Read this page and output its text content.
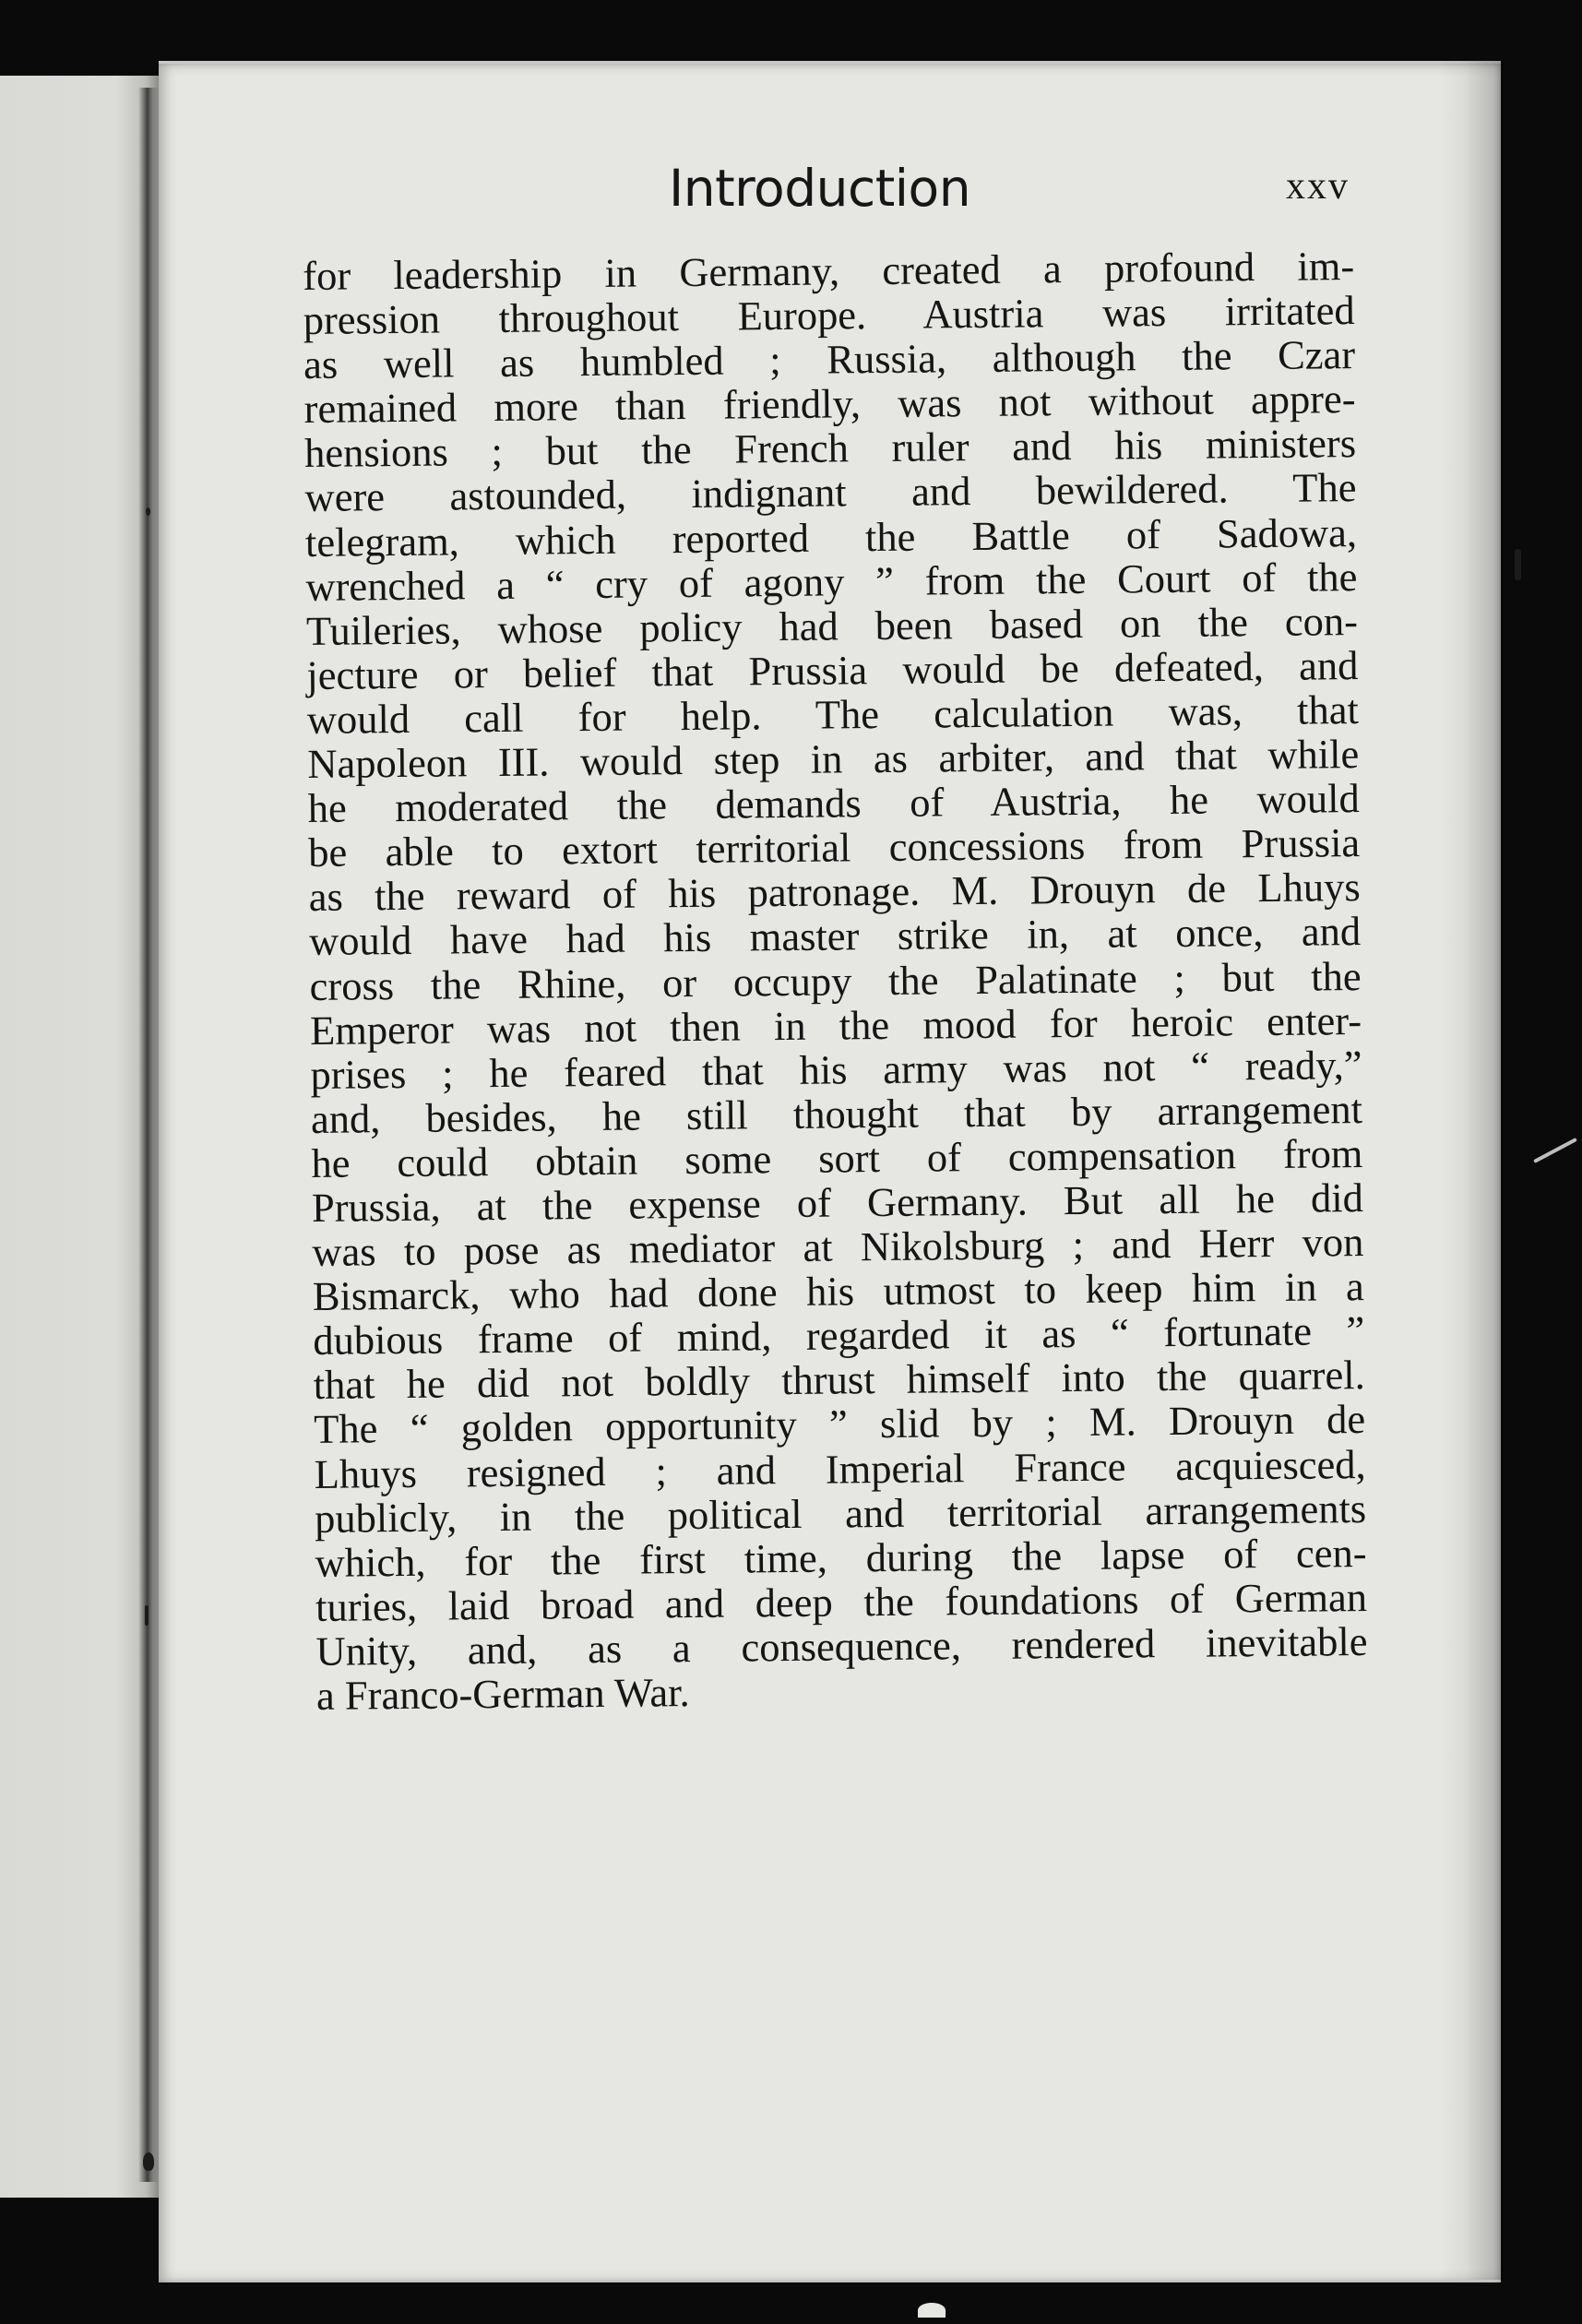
Introduction	xxv
for leadership in Germany, created a profound im-
pression throughout Europe. Austria was irritated
as well as humbled ; Russia, although the Czar
remained more than friendly, was not without appre-
hensions ; but the French ruler and his ministers
were astounded, indignant and bewildered. The
telegram, which reported the Battle of Sadowa,
wrenched a “ cry of agony ” from the Court of the
Tuileries, whose policy had been based on the con-
jecture or belief that Prussia would be defeated, and
would call for help. The calculation was, that
Napoleon III. would step in as arbiter, and that while
he moderated the demands of Austria, he would
be able to extort territorial concessions from Prussia
as the reward of his patronage. M. Drouyn de Lhuys
would have had his master strike in, at once, and
cross the Rhine, or occupy the Palatinate ; but the
Emperor was not then in the mood for heroic enter-
prises ; he feared that his army was not “ ready,”
and, besides, he still thought that by arrangement
he could obtain some sort of compensation from
Prussia, at the expense of Germany. But all he did
was to pose as mediator at Nikolsburg ; and Herr von
Bismarck, who had done his utmost to keep him in a
dubious frame of mind, regarded it as “ fortunate ”
that he did not boldly thrust himself into the quarrel.
The “ golden opportunity ” slid by ; M. Drouyn de
Lhuys resigned ; and Imperial France acquiesced,
publicly, in the political and territorial arrangements
which, for the first time, during the lapse of cen-
turies, laid broad and deep the foundations of German
Unity, and, as a consequence, rendered inevitable
a Franco-German War.
